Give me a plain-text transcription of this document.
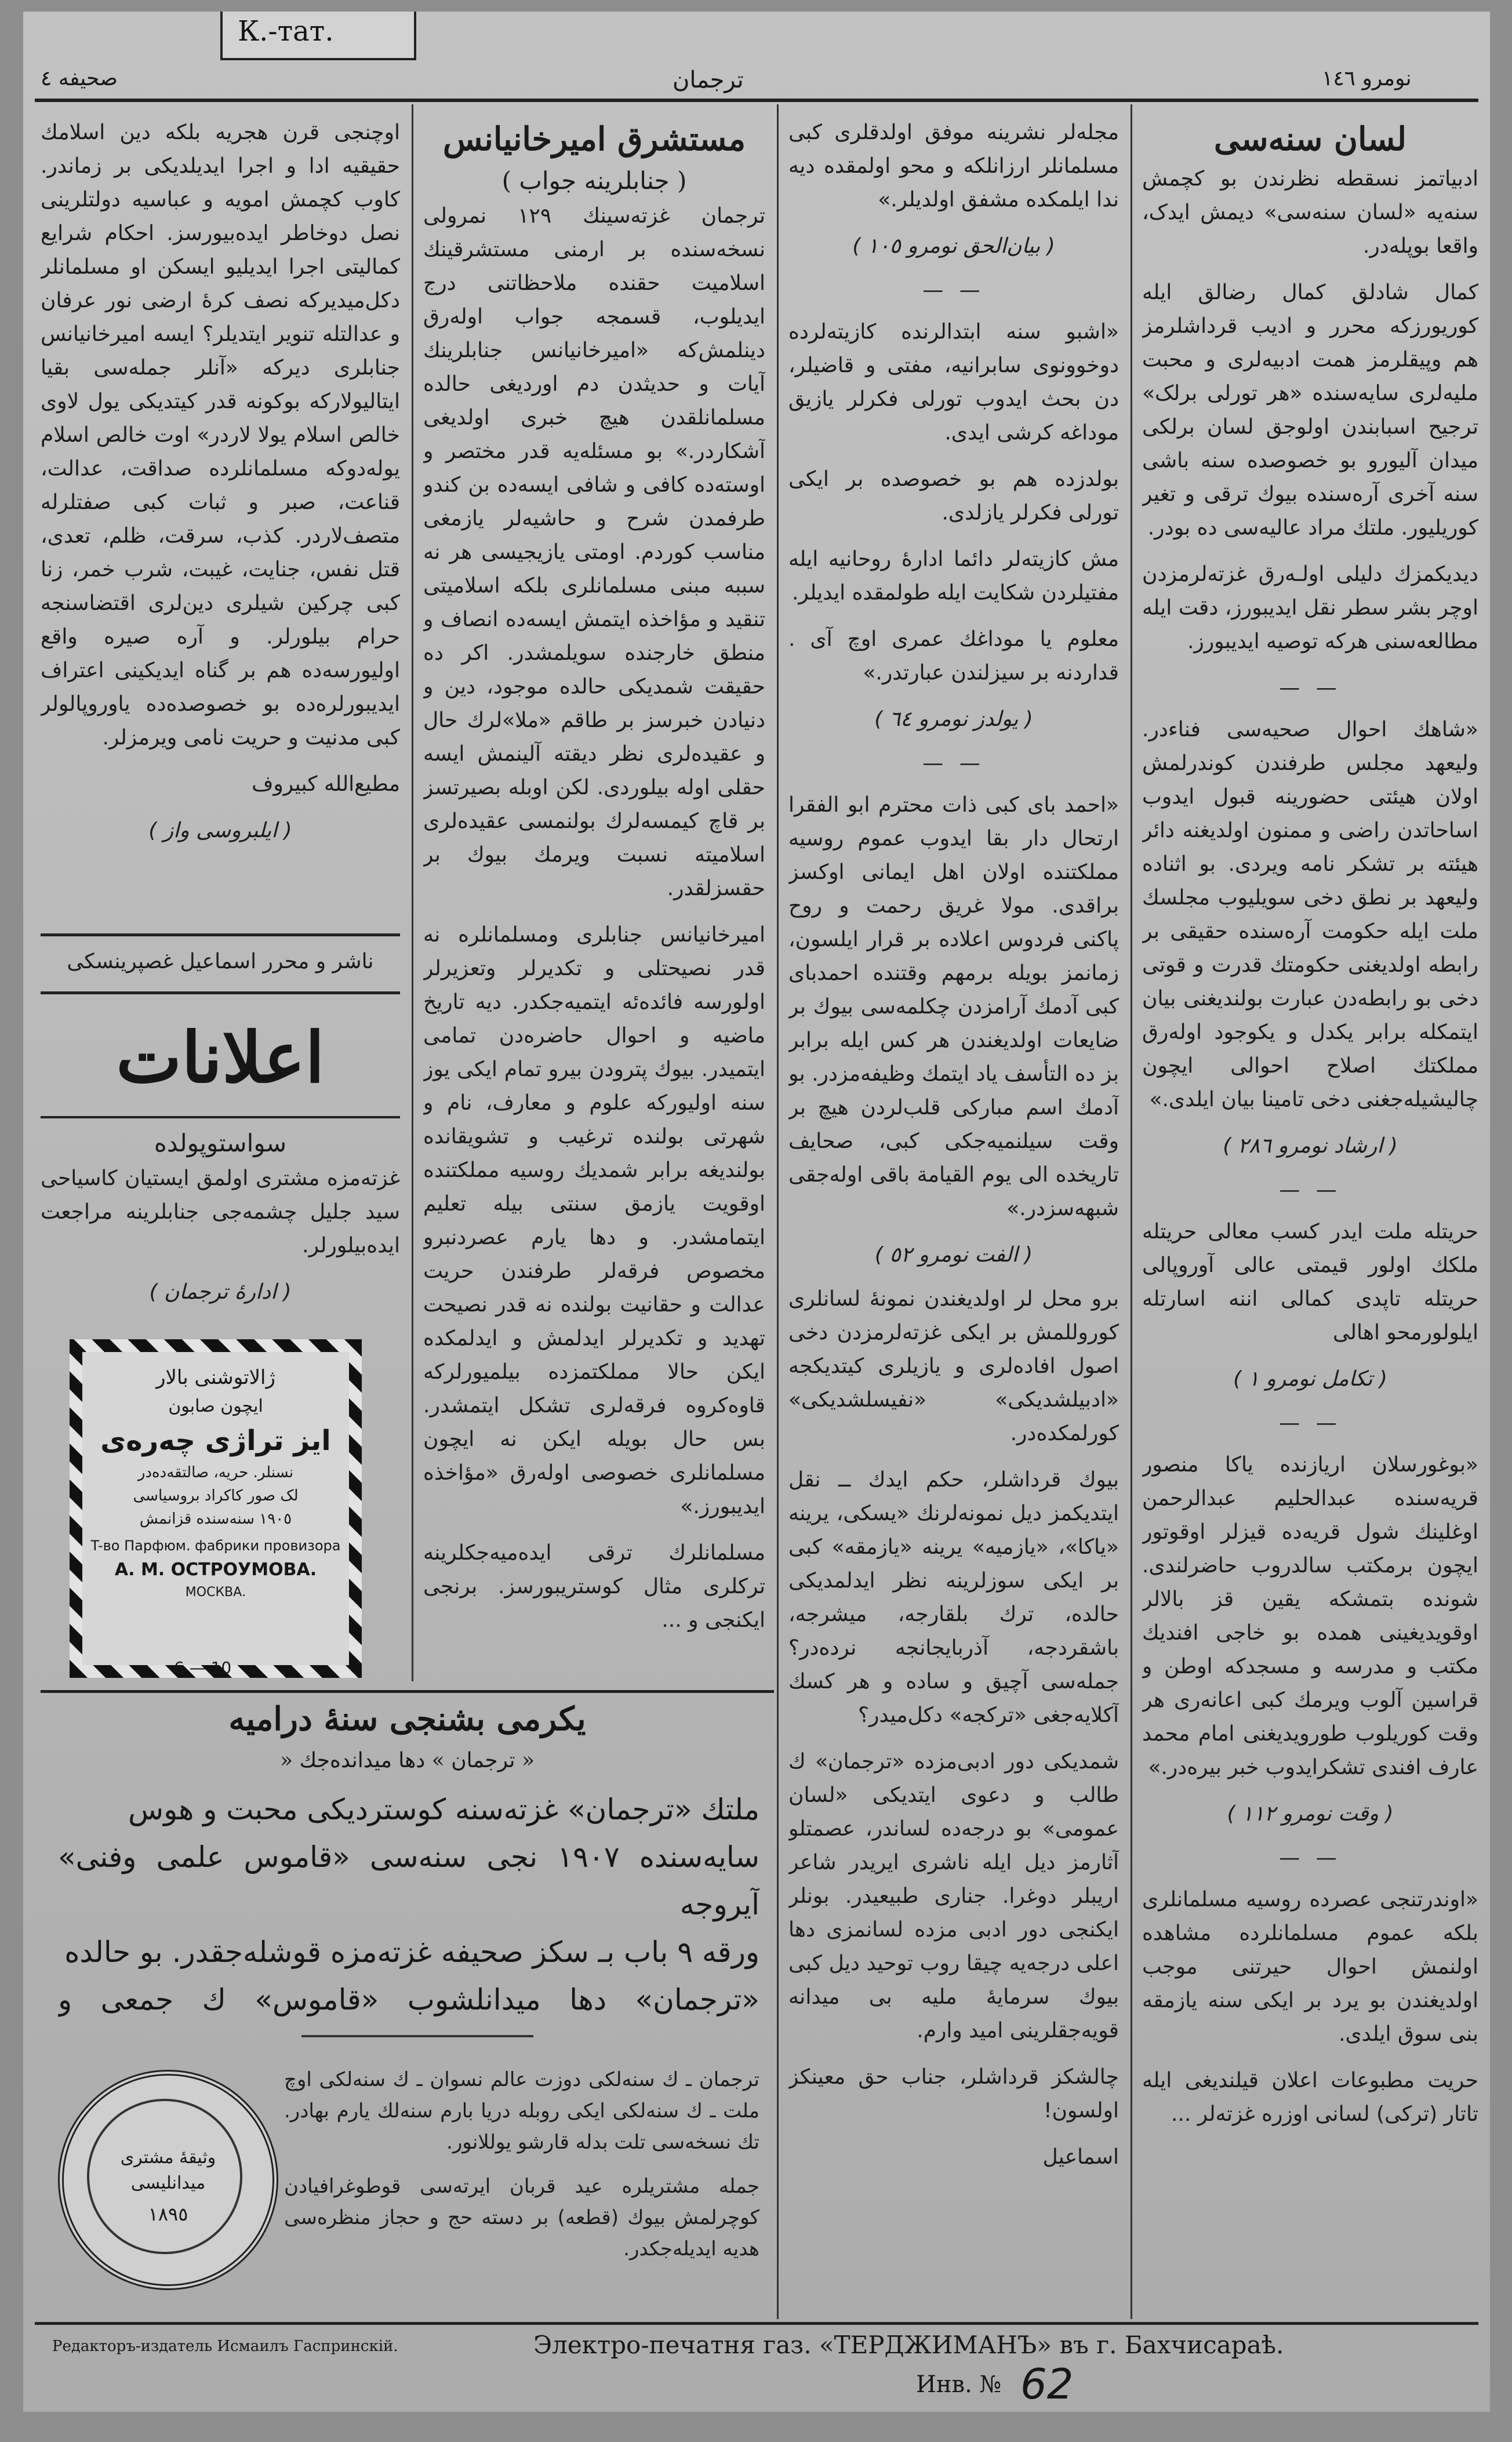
К.-тат.
صحیفه ٤	ترجمان	نومرو ١٤٦
لسان سنه‌سی

ادبیاتمز نسقطه نظرندن بو کچمش سنه‌یه «لسان سنه‌سی» دیمش ایدک، واقعا بوپله‌در.

کمال شادلق کمال رضالق ایله کوریورزکه محرر و ادیب قرداشلرمز هم وپیقلرمز همت ادبیه‌لری و محبت ملیه‌لری سایه‌سنده «هر تورلی برلک» ترجیح اسبابندن اولوجق لسان برلکی میدان آلیورو بو خصوصده سنه باشی سنه آخری آره‌سنده بیوك ترقی و تغیر کوریلیور. ملتك مراد عالیه‌سی ده بودر.

دیدیکمزك دلیلی اولـه‌رق غزته‌لرمزدن اوچر بشر سطر نقل ایدیبورز، دقت ایله مطالعه‌سنی هرکه توصیه ایدیبورز.

— —

«شاهك احوال صحیه‌سی فناءدر. ولیعهد مجلس طرفندن کوندرلمش اولان هیئتی حضورینه قبول ایدوب اساحاتدن راضی و ممنون اولدیغنه دائر هیئته بر تشکر نامه ویردی. بو اثناده ولیعهد بر نطق دخی سویلیوب مجلسك ملت ایله حکومت آره‌سنده حقیقی بر رابطه اولدیغنی حکومتك قدرت و قوتی دخی بو رابطه‌دن عبارت بولندیغنی بیان ایتمکله برابر یکدل و یکوجود اوله‌رق مملکتك اصلاح احوالی ایچون چالیشیله‌جغنی دخی تامینا بیان ایلدی.»

( ارشاد نومرو ٢٨٦ )
— —

حریتله ملت ایدر کسب معالی حریتله ملکك اولور قیمتی عالی آوروپالی حریتله تاپدی کمالی اننه اسارتله ایلولورمحو اهالی

( تکامل نومرو ١ )
— —

«بوغورسلان اریازنده یاکا منصور قریه‌سنده عبدالحلیم عبدالرحمن اوغلینك شول قریه‌ده قیزلر اوقوتور ایچون برمکتب سالدروب حاضرلندی. شونده بتمشکه یقین قز بالالر اوقویدیغینی همده بو خاجی افندیك مکتب و مدرسه و مسجدکه اوطن و قراسین آلوب ویرمك کبی اعانه‌ری هر وقت کوریلوب طورویدیغنی امام محمد عارف افندی تشکرایدوب خبر بیره‌در.»

( وقت نومرو ١١٢ )
— —

«اوندرتنجی عصرده روسیه مسلمانلری بلکه عموم مسلمانلرده مشاهده اولنمش احوال حیرتنی موجب اولدیغندن بو یرد بر ایکی سنه یازمقه بنی سوق ایلدی.

حریت مطبوعات اعلان قیلندیغی ایله تاتار (ترکی) لسانی اوزره غزته‌لر ...

مجله‌لر نشرینه موفق اولدقلری کبی مسلمانلر ارزانلکه و محو اولمقده دیه ندا ایلمکده مشفق اولدیلر.»

( بیان‌الحق نومرو ١٠٥ )
— —

«اشبو سنه ابتدالرنده کازیته‌لرده دوخوونوی سابرانیه، مفتی و قاضیلر، دن بحث ایدوب تورلی فکرلر یازیق موداغه کرشی ایدی.

بولدزده هم بو خصوصده بر ایکی تورلی فکرلر یازلدی.

مش کازیته‌لر دائما ادارهٔ روحانیه ایله مفتیلردن شکایت ایله طولمقده ایدیلر.

معلوم یا موداغك عمری اوچ آی . قداردنه بر سیزلندن عبارتدر.»

( یولدز نومرو ٦٤ )
— —

«احمد بای کبی ذات محترم ابو الفقرا ارتحال دار بقا ایدوب عموم روسیه مملکتنده اولان اهل ایمانی اوکسز براقدی. مولا غریق رحمت و روح پاکنی فردوس اعلاده بر قرار ایلسون، زمانمز بویله برمهم وقتنده احمدبای کبی آدمك آرامزدن چکلمه‌سی بیوك بر ضایعات اولدیغندن هر کس ایله برابر بز ده التأسف یاد ایتمك وظیفه‌مزدر. بو آدمك اسم مبارکی قلب‌لردن هیچ بر وقت سیلنمیه‌جکی کبی، صحایف تاریخده الی یوم القیامة باقی اوله‌جقی شبهه‌سزدر.»

( الفت نومرو ٥٢ )

برو محل لر اولدیغندن نمونهٔ لسانلری کوروللمش بر ایکی غزته‌لرمزدن دخی اصول افاده‌لری و یازیلری کیتدیکجه «ادبیلشدیکی» «نفیسلشدیکی» کورلمکده‌در.

بیوك قرداشلر، حکم ایدك ــ نقل ایتدیکمز دیل نمونه‌لرنك «یسکی، یرینه «یاکا»، «یازمیه» یرینه «یازمقه» کبی بر ایکی سوزلرینه نظر ایدلمدیکی حالده، ترك بلقارجه، میشرجه، باشقردجه، آذربایجانجه نرده‌در؟ جمله‌سی آچیق و ساده و هر کسك آکلایه‌جغی «ترکجه» دکل‌میدر؟

شمدیکی دور ادبی‌مزده «ترجمان» ك طالب و دعوی ایتدیکی «لسان عمومی» بو درجه‌ده لساندر، عصمتلو آثارمز دیل ایله ناشری ایریدر شاعر اریبلر دوغرا. جناری طبیعیدر. بونلر ایکنجی دور ادبی مزده لسانمزی دها اعلی درجه‌یه چیقا روب توحید دیل کبی بیوك سرمایهٔ ملیه بی میدانه قویه‌جقلرینی امید وارم.

چالشکز قرداشلر، جناب حق معینکز اولسون!

اسماعیل

مستشرق امیرخانیانس
( جنابلرینه جواب )

ترجمان غزته‌سینك ١٢٩ نمرولی نسخه‌سنده بر ارمنی مستشرقینك اسلامیت حقنده ملاحظاتنی درج ایدیلوب، قسمجه جواب اوله‌رق دینلمش‌که «امیرخانیانس جنابلرینك آیات و حدیثدن دم اوردیغی حالده مسلمانلقدن هیچ خبری اولدیغی آشکاردر.» بو مسئله‌یه قدر مختصر و اوسته‌ده کافی و شافی ایسه‌ده بن کندو طرفمدن شرح و حاشیه‌لر یازمغی مناسب کوردم. اومتی یازیجیسی هر نه سببه مبنی مسلمانلری بلکه اسلامیتی تنقید و مؤاخذه ایتمش ایسه‌ده انصاف و منطق خارجنده سویلمشدر. اکر ده حقیقت شمدیکی حالده موجود، دین و دنیادن خبرسز بر طاقم «ملا»لرك حال و عقیده‌لری نظر دیقته آلینمش ایسه حقلی اوله بیلوردی. لکن اوبله بصیرتسز بر قاچ کیمسه‌لرك بولنمسی عقیده‌لری اسلامیته نسبت ویرمك بیوك بر حقسزلقدر.

امیرخانیانس جنابلری ومسلمانلره نه قدر نصیحتلی و تکدیرلر وتعزیرلر اولورسه فائده‌ئه ایتمیه‌جکدر. دیه تاریخ ماضیه و احوال حاضره‌دن تمامی ایتمیدر. بیوك پترودن بیرو تمام ایکی یوز سنه اولیورکه علوم و معارف، نام و شهرتی بولنده ترغیب و تشویقانده بولندیغه برابر شمدیك روسیه مملکتنده اوقویت یازمق سنتی بیله تعلیم ایتمامشدر. و دها یارم عصردنبرو مخصوص فرقه‌لر طرفندن حریت عدالت و حقانیت بولنده نه قدر نصیحت تهدید و تکدیرلر ایدلمش و ایدلمکده ایکن حالا مملکتمزده بیلمیورلرکه قاوه‌کروه فرقه‌لری تشکل ایتمشدر. بس حال بویله ایکن نه ایچون مسلمانلری خصوصی اوله‌رق «مؤاخذه ایدیبورز.»

مسلمانلرك ترقی ایده‌میه‌جکلرینه ترکلری مثال کوستریبورسز. برنجی ایکنجی و ...

اوچنجی قرن هجریه بلکه دین اسلامك حقیقیه ادا و اجرا ایدیلدیکی بر زماندر. کاوب کچمش امویه و عباسیه دولتلرینی نصل دوخاطر ایده‌بیورسز. احکام شرایع کمالیتی اجرا ایدیلیو ایسکن او مسلمانلر دکل‌میدیرکه نصف کرهٔ ارضی نور عرفان و عدالتله تنویر ایتدیلر؟ ایسه امیرخانیانس جنابلری دیرکه «آنلر جمله‌سی بقیا ایتالیولارکه بوکونه قدر کیتدیکی یول لاوی خالص اسلام یولا لاردر» اوت خالص اسلام یوله‌دوکه مسلمانلرده صداقت، عدالت، قناعت، صبر و ثبات کبی صفتلرله متصف‌لاردر. کذب، سرقت، ظلم، تعدی، قتل نفس، جنایت، غیبت، شرب خمر، زنا کبی چرکین شیلری دین‌لری اقتضاسنجه حرام بیلورلر. و آره صیره واقع اولیورسه‌ده هم بر گناه ایدیکینی اعتراف ایدیبورلره‌ده بو خصوصده‌ده یاوروپالولر کبی مدنیت و حریت نامی ویرمزلر.

مطیع‌الله کبیروف

( ایلبروسی واز )
ناشر و محرر اسماعیل غصپرینسکی
اعلانات
سواستوپولده

غزته‌مزه مشتری اولمق ایستیان کاسیاحی سید جلیل چشمه‌جی جنابلرینه مراجعت ایده‌بیلورلر.

( ادارهٔ ترجمان )
ژالاتوشنی بالار
ایچون صابون
ایز تراژی چه‌ره‌ی
نسنلر. حریه، صالتقه‌ده‌در
لک صور کاکراد بروسیاسی
١٩٠٥ سنه‌سنده قزانمش
T-во Парфюм. фабрики провизора
А. М. ОСТРОУМОВА.
МОСКВА.
6 — 10
یکرمی بشنجی سنهٔ درامیه
« ترجمان » دها میدانده‌جك «
ملتك «ترجمان» غزته‌سنه کوستردیکی محبت و هوس
سایه‌سنده ١٩٠٧ نجی سنه‌سی «قاموس علمی وفنی» آیروجه
ورقه ٩ باب بـ سکز صحیفه غزته‌مزه قوشله‌جقدر. بو حالده
«ترجمان» دها میدانلشوب «قاموس» ك جمعی و
وثیقهٔ مشتری میدانلیسی
١٨٩٥

ترجمان ـ ك سنه‌لکی دوزت عالم نسوان ـ ك سنه‌لکی اوچ ملت ـ ك سنه‌لکی ایکی روبله دریا بارم سنه‌لك یارم بهادر. تك نسخه‌سی تلت بدله قارشو یوللانور.

جمله مشتریلره عید قربان ایرته‌سی قوطوغرافیادن کوچرلمش بیوك (قطعه) بر دسته حج و حجاز منظره‌سی هدیه ایدیله‌جکدر.

Редакторъ-издатель Исмаилъ Гаспринскiй.	Электро-печатня газ. «ТЕРДЖИМАНЪ» въ г. Бахчисараѣ.
Инв. № 62
